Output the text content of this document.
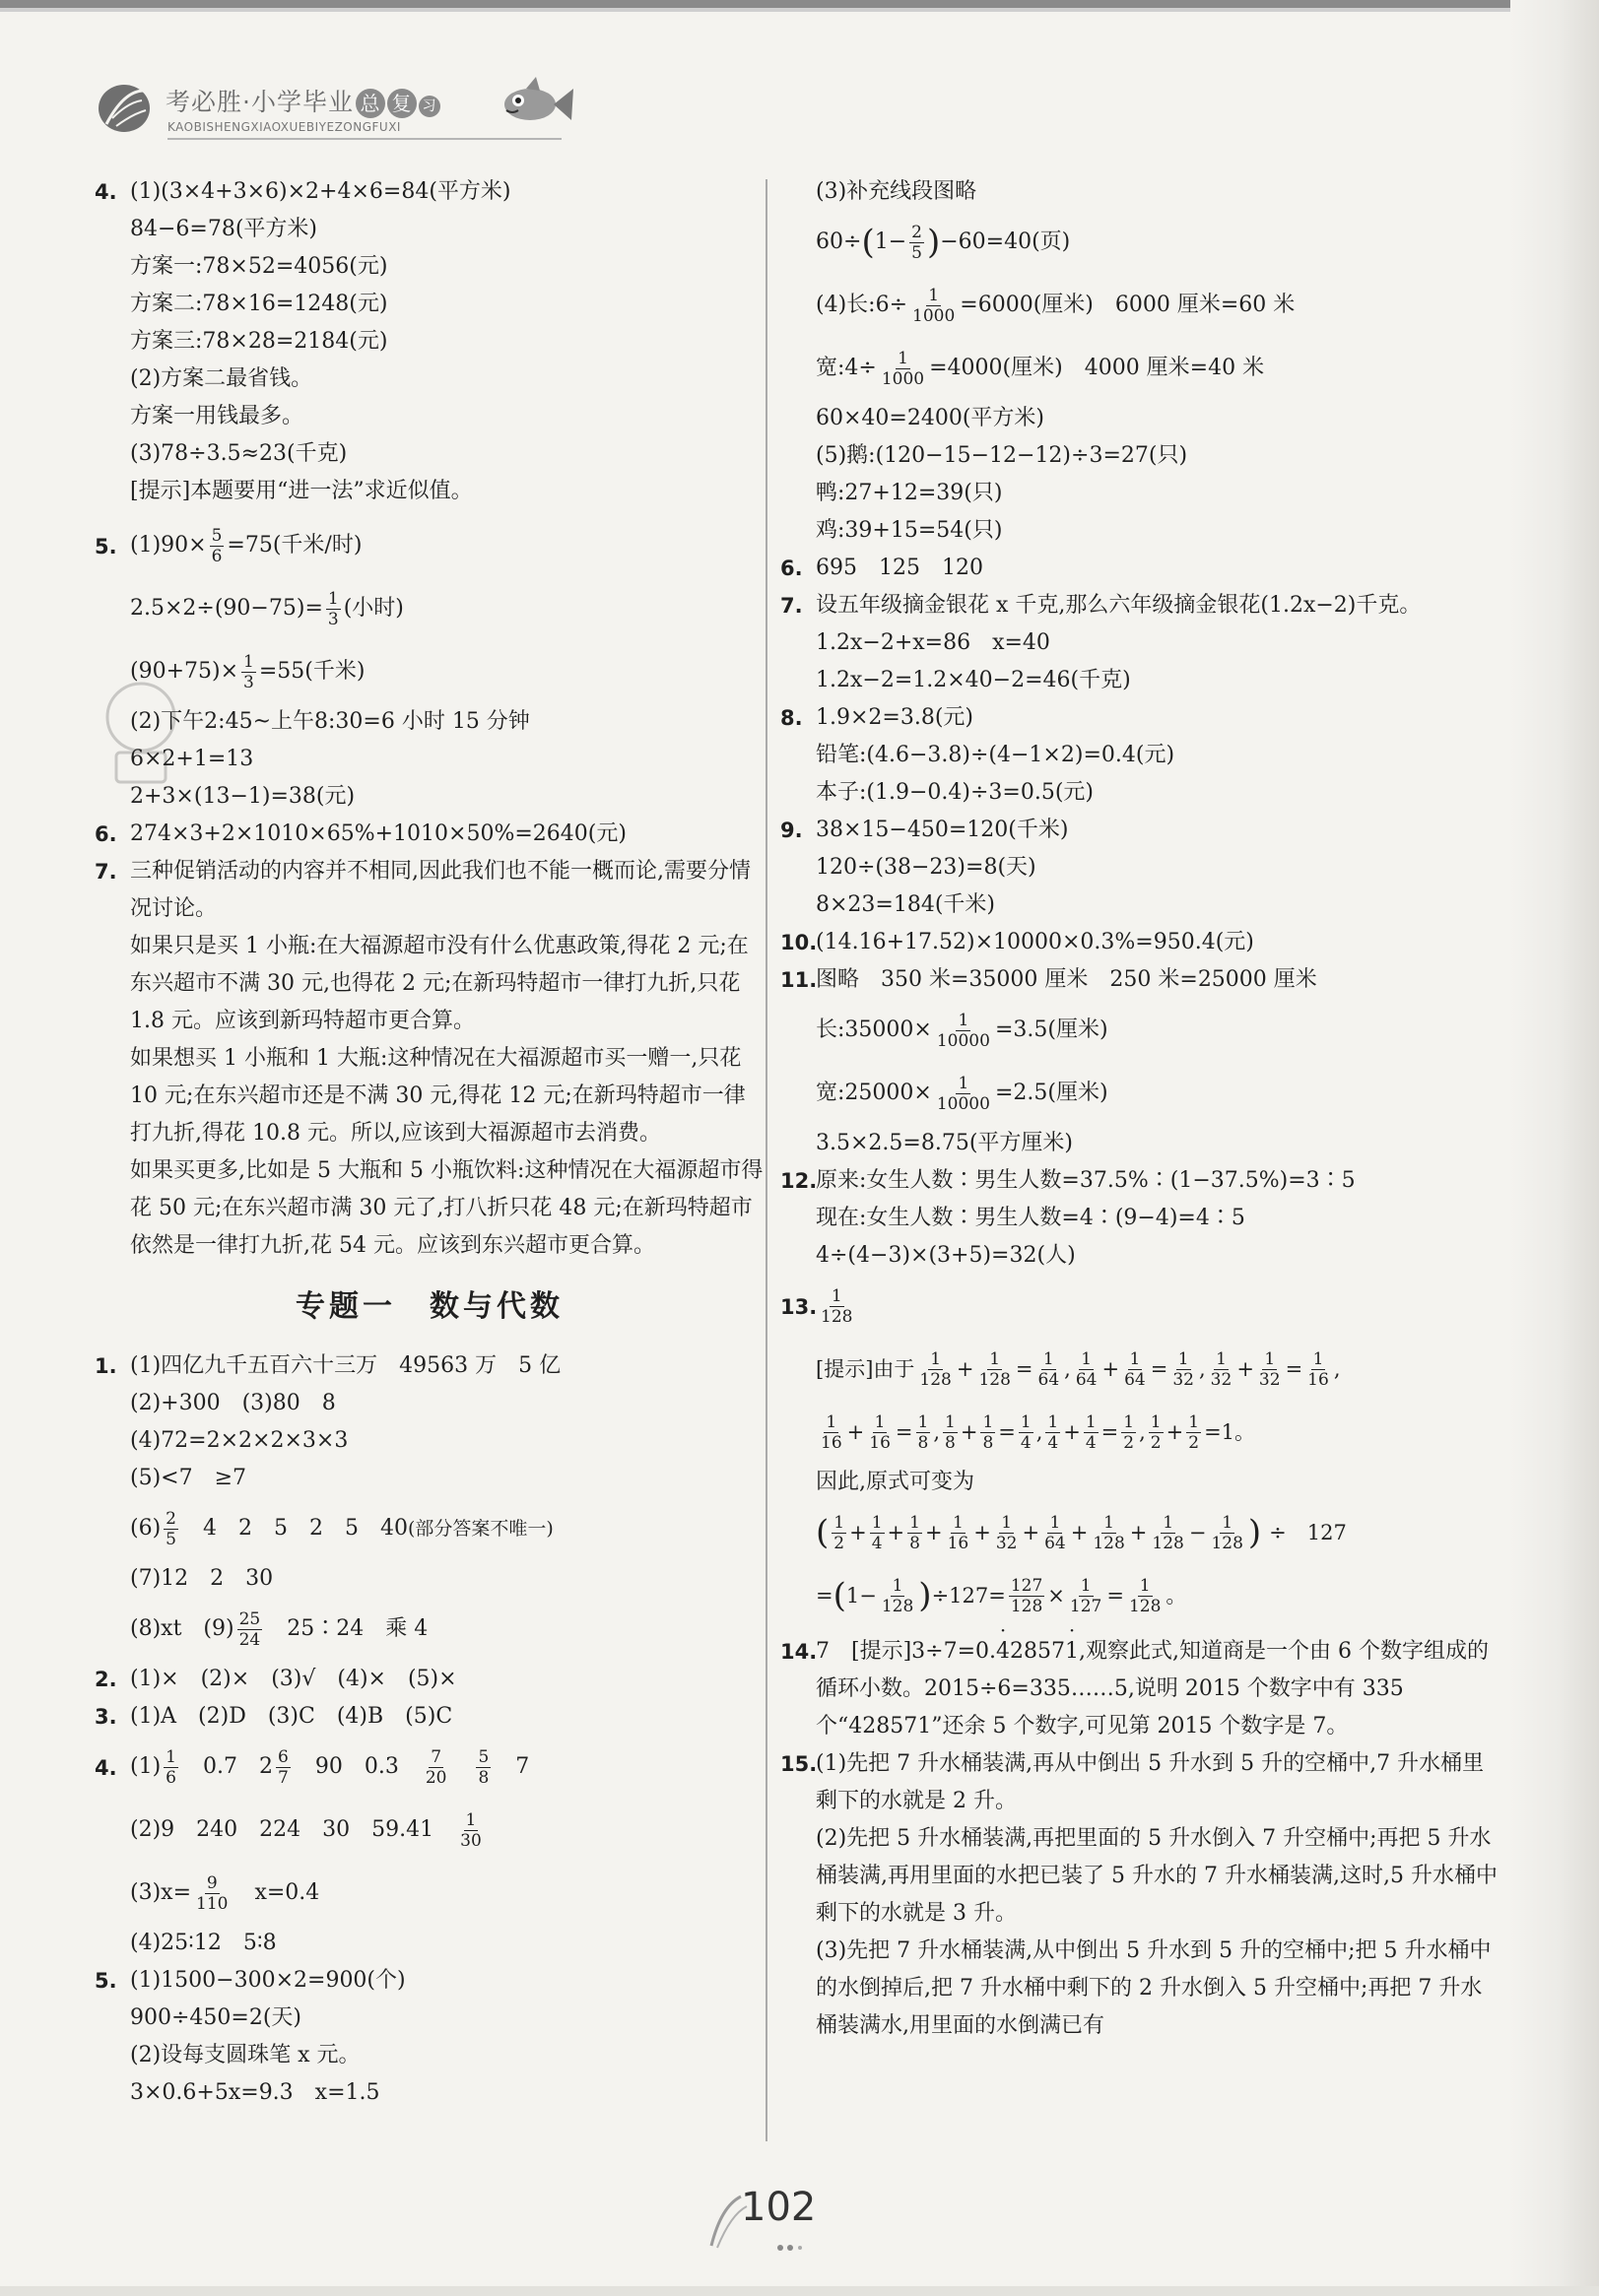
考必胜·小学毕业 总 复 习
KAOBISHENGXIAOXUEBIYEZONGFUXI
4. (1)(3×4+3×6)×2+4×6=84(平方米)
84−6=78(平方米)
方案一:78×52=4056(元)
方案二:78×16=1248(元)
方案三:78×28=2184(元)
(2)方案二最省钱。
方案一用钱最多。
(3)78÷3.5≈23(千克)
[提示]本题要用“进一法”求近似值。
5. $(1)90\times \frac{5}{6} =75$(千米/时)
$2.5\times 2\div(90-75)= \frac{1}{3}$ (小时)
$(90+75)\times \frac{1}{3} =55$(千米)
(2)下午2:45~上午8:30=6 小时 15 分钟
6×2+1=13
2+3×(13−1)=38(元)
6. 274×3+2×1010×65%+1010×50%=2640(元)
7. 三种促销活动的内容并不相同,因此我们也不能一概而论,需要分情况讨论。
如果只是买 1 小瓶:在大福源超市没有什么优惠政策,得花 2 元;在东兴超市不满 30 元,也得花 2 元;在新玛特超市一律打九折,只花 1.8 元。应该到新玛特超市更合算。
如果想买 1 小瓶和 1 大瓶:这种情况在大福源超市买一赠一,只花 10 元;在东兴超市还是不满 30 元,得花 12 元;在新玛特超市一律打九折,得花 10.8 元。所以,应该到大福源超市去消费。
如果买更多,比如是 5 大瓶和 5 小瓶饮料:这种情况在大福源超市得花 50 元;在东兴超市满 30 元了,打八折只花 48 元;在新玛特超市依然是一律打九折,花 54 元。应该到东兴超市更合算。
专题一　数与代数
1. (1)四亿九千五百六十三万　49563 万　5 亿
(2)+300　(3)80　8
(4)72=2×2×2×3×3
(5)<7　≥7
$(6) \frac{2}{5}$ 　4　2　5　2　5　40 (部分答案不唯一)
(7)12　2　30
(8)xt　$(9) \frac{25}{24}$ 　25∶24　乘 4
2. (1)×　(2)×　(3)√　(4)×　(5)×
3. (1)A　(2)D　(3)C　(4)B　(5)C
4. $(1) \frac{1}{6}$ 　0.7　$2 \frac{6}{7}$ 　90　0.3　 $\frac{7}{20}$
　 $\frac{5}{8}$ 　7
(2)9　240　224　30　59.41　 $\frac{1}{30}$
$(3)x= \frac{9}{110}$ 　x=0.4
(4)25∶12　5∶8
5. (1)1500−300×2=900(个)
900÷450=2(天)
(2)设每支圆珠笔 x 元。
3×0.6+5x=9.3　x=1.5
(3)补充线段图略
60÷ ( $1- \frac{2}{5}$ ) −60=40(页)
(4)长:6÷ $\frac{1}{1000} =6000$(厘米)　6000 厘米=60 米
宽:4÷ $\frac{1}{1000} =4000$(厘米)　4000 厘米=40 米
60×40=2400(平方米)
(5)鹅:(120−15−12−12)÷3=27(只)
鸭:27+12=39(只)
鸡:39+15=54(只)
6. 695　125　120
7. 设五年级摘金银花 x 千克,那么六年级摘金银花(1.2x−2)千克。
1.2x−2+x=86　x=40
1.2x−2=1.2×40−2=46(千克)
8. 1.9×2=3.8(元)
铅笔:(4.6−3.8)÷(4−1×2)=0.4(元)
本子:(1.9−0.4)÷3=0.5(元)
9. 38×15−450=120(千米)
120÷(38−23)=8(天)
8×23=184(千米)
10.
(14.16+17.52)×10000×0.3%=950.4(元)
11.
图略　350 米=35000 厘米　250 米=25000 厘米
长:35000× $\frac{1}{10000} =3.5$(厘米)
宽:25000× $\frac{1}{10000} =2.5$(厘米)
3.5×2.5=8.75(平方厘米)
12.
原来:女生人数∶男生人数=37.5%∶(1−37.5%)=3∶5
现在:女生人数∶男生人数=4∶(9−4)=4∶5
4÷(4−3)×(3+5)=32(人)
13. $\frac{1}{128}$
[提示]由于 $\frac{1}{128} + \frac{1}{128} = \frac{1}{64}$ , $\frac{1}{64} + \frac{1}{64} = \frac{1}{32}$ , $\frac{1}{32} + \frac{1}{32} = \frac{1}{16}$ ,
$\frac{1}{16} + \frac{1}{16} = \frac{1}{8}$ , $\frac{1}{8} + \frac{1}{8} = \frac{1}{4}$ , $\frac{1}{4} + \frac{1}{4} = \frac{1}{2}$ , $\frac{1}{2} + \frac{1}{2} =1$。
因此,原式可变为
( $\frac{1}{2} + \frac{1}{4} + \frac{1}{8} + \frac{1}{16} + \frac{1}{32} + \frac{1}{64} + \frac{1}{128} + \frac{1}{128} - \frac{1}{128}$ ) ÷　127
= ( $1- \frac{1}{128}$ ) $\div 127= \frac{127}{128} \times \frac{1}{127} = \frac{1}{128}$ 。
14.
7　[提示]3÷7=0.· 42857· 1,观察此式,知道商是一个由 6 个数字组成的循环小数。2015÷6=335……5,说明 2015 个数字中有 335 个“428571”还余 5 个数字,可见第 2015 个数字是 7。
15.
(1)先把 7 升水桶装满,再从中倒出 5 升水到 5 升的空桶中,7 升水桶里剩下的水就是 2 升。
(2)先把 5 升水桶装满,再把里面的 5 升水倒入 7 升空桶中;再把 5 升水桶装满,再用里面的水把已装了 5 升水的 7 升水桶装满,这时,5 升水桶中剩下的水就是 3 升。
(3)先把 7 升水桶装满,从中倒出 5 升水到 5 升的空桶中;把 5 升水桶中的水倒掉后,把 7 升水桶中剩下的 2 升水倒入 5 升空桶中;再把 7 升水桶装满水,用里面的水倒满已有
102
